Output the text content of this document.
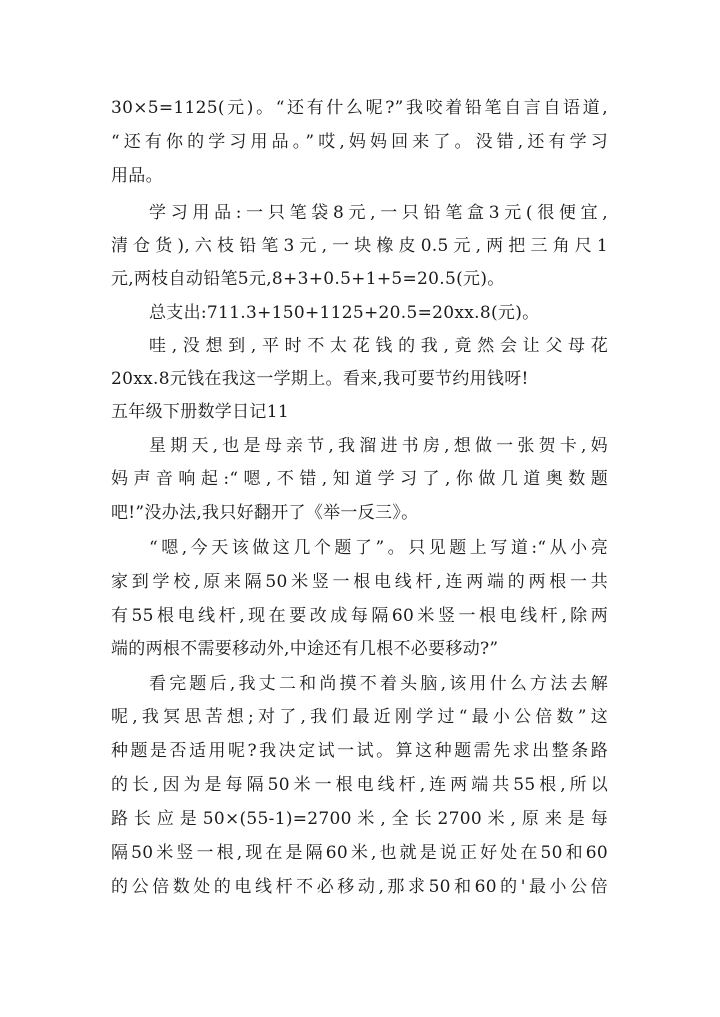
30×5=1125(元)。“还有什么呢?”我咬着铅笔自言自语道,
“还有你的学习用品。”哎,妈妈回来了。没错,还有学习
用品。
学习用品:一只笔袋8元,一只铅笔盒3元(很便宜,
清仓货),六枝铅笔3元,一块橡皮0.5元,两把三角尺1
元,两枝自动铅笔5元,8+3+0.5+1+5=20.5(元)。
总支出:711.3+150+1125+20.5=20xx.8(元)。
哇,没想到,平时不太花钱的我,竟然会让父母花
20xx.8元钱在我这一学期上。看来,我可要节约用钱呀!
五年级下册数学日记11
星期天,也是母亲节,我溜进书房,想做一张贺卡,妈
妈声音响起:“嗯,不错,知道学习了,你做几道奥数题
吧!”没办法,我只好翻开了《举一反三》。
“嗯,今天该做这几个题了”。只见题上写道:“从小亮
家到学校,原来隔50米竖一根电线杆,连两端的两根一共
有55根电线杆,现在要改成每隔60米竖一根电线杆,除两
端的两根不需要移动外,中途还有几根不必要移动?”
看完题后,我丈二和尚摸不着头脑,该用什么方法去解
呢,我冥思苦想;对了,我们最近刚学过“最小公倍数”这
种题是否适用呢?我决定试一试。算这种题需先求出整条路
的长,因为是每隔50米一根电线杆,连两端共55根,所以
路长应是50×(55-1)=2700米,全长2700米,原来是每
隔50米竖一根,现在是隔60米,也就是说正好处在50和60
的公倍数处的电线杆不必移动,那求50和60的'最小公倍
